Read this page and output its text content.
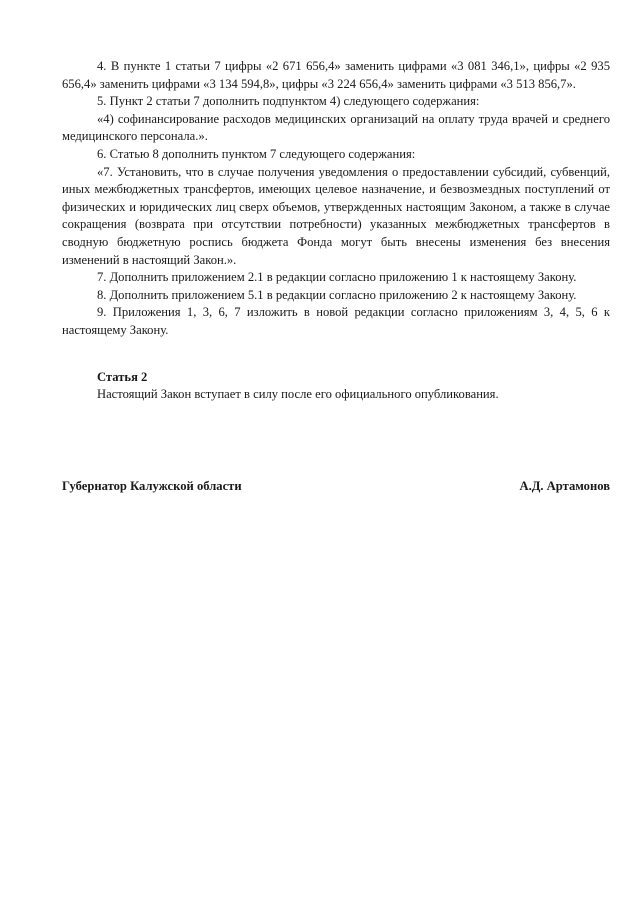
4. В пункте 1 статьи 7 цифры «2 671 656,4» заменить цифрами «3 081 346,1», цифры «2 935 656,4» заменить цифрами «3 134 594,8», цифры «3 224 656,4» заменить цифрами «3 513 856,7».

5. Пункт 2 статьи 7 дополнить подпунктом 4) следующего содержания:

«4) софинансирование расходов медицинских организаций на оплату труда врачей и среднего медицинского персонала.».

6. Статью 8 дополнить пунктом 7 следующего содержания:

«7. Установить, что в случае получения уведомления о предоставлении субсидий, субвенций, иных межбюджетных трансфертов, имеющих целевое назначение, и безвозмездных поступлений от физических и юридических лиц сверх объемов, утвержденных настоящим Законом, а также в случае сокращения (возврата при отсутствии потребности) указанных межбюджетных трансфертов в сводную бюджетную роспись бюджета Фонда могут быть внесены изменения без внесения изменений в настоящий Закон.».

7. Дополнить приложением 2.1 в редакции согласно приложению 1 к настоящему Закону.

8. Дополнить приложением 5.1 в редакции согласно приложению 2 к настоящему Закону.

9. Приложения 1, 3, 6, 7 изложить в новой редакции согласно приложениям 3, 4, 5, 6 к настоящему Закону.

Статья 2

Настоящий Закон вступает в силу после его официального опубликования.

Губернатор Калужской области	А.Д. Артамонов
